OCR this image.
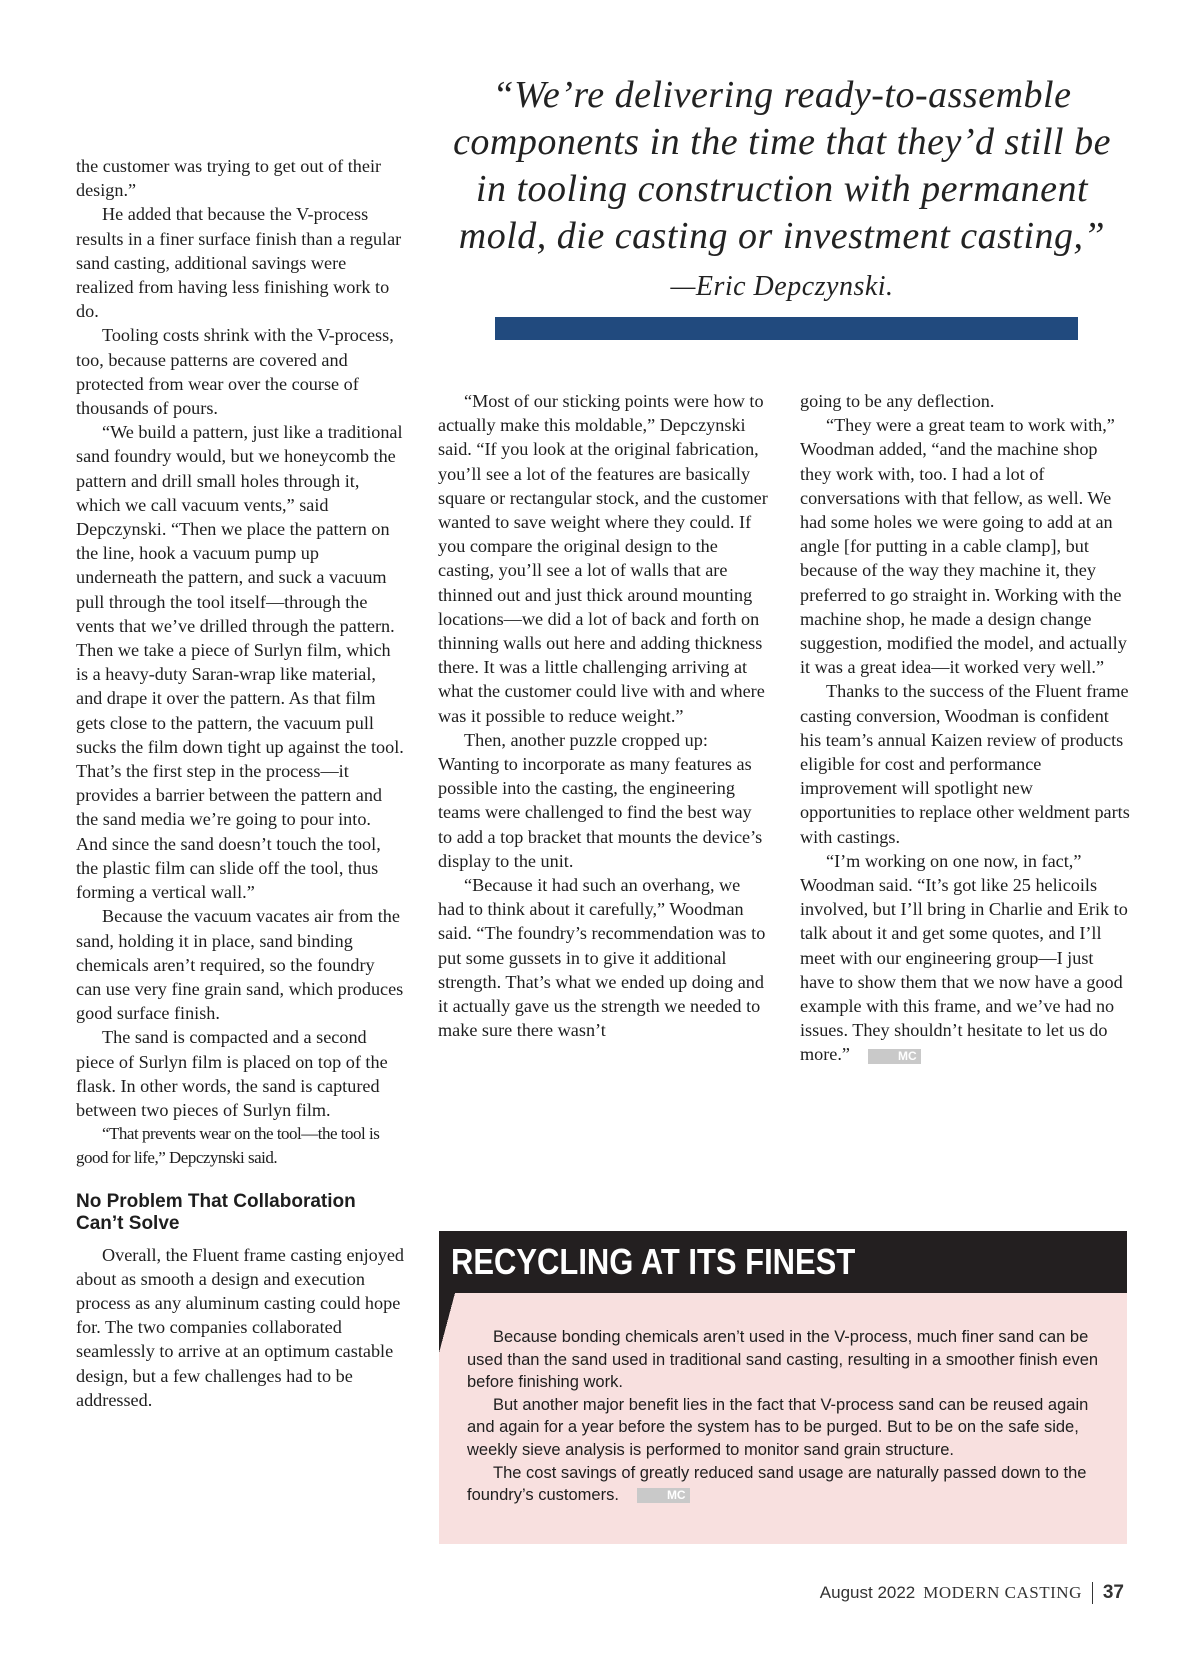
“We’re delivering ready-to-assemble components in the time that they’d still be in tooling construction with permanent mold, die casting or investment casting,” —Eric Depczynski.

the customer was trying to get out of their design.”

He added that because the V-process results in a finer surface finish than a regular sand casting, additional savings were realized from having less finishing work to do.

Tooling costs shrink with the V-process, too, because patterns are covered and protected from wear over the course of thousands of pours.

“We build a pattern, just like a traditional sand foundry would, but we honeycomb the pattern and drill small holes through it, which we call vacuum vents,” said Depczynski. “Then we place the pattern on the line, hook a vacuum pump up underneath the pattern, and suck a vacuum pull through the tool itself—through the vents that we’ve drilled through the pattern. Then we take a piece of Surlyn film, which is a heavy-duty Saran-wrap like material, and drape it over the pattern. As that film gets close to the pattern, the vacuum pull sucks the film down tight up against the tool. That’s the first step in the process—it provides a barrier between the pattern and the sand media we’re going to pour into. And since the sand doesn’t touch the tool, the plastic film can slide off the tool, thus forming a vertical wall.”

Because the vacuum vacates air from the sand, holding it in place, sand binding chemicals aren’t required, so the foundry can use very fine grain sand, which produces good surface finish.

The sand is compacted and a second piece of Surlyn film is placed on top of the flask. In other words, the sand is captured between two pieces of Surlyn film.

“That prevents wear on the tool—the tool is good for life,” Depczynski said.

No Problem That Collaboration Can’t Solve

Overall, the Fluent frame casting enjoyed about as smooth a design and execution process as any aluminum casting could hope for. The two companies collaborated seamlessly to arrive at an optimum castable design, but a few challenges had to be addressed.

“Most of our sticking points were how to actually make this moldable,” Depczynski said. “If you look at the original fabrication, you’ll see a lot of the features are basically square or rectangular stock, and the customer wanted to save weight where they could. If you compare the original design to the casting, you’ll see a lot of walls that are thinned out and just thick around mounting locations—we did a lot of back and forth on thinning walls out here and adding thickness there. It was a little challenging arriving at what the customer could live with and where was it possible to reduce weight.”

Then, another puzzle cropped up: Wanting to incorporate as many features as possible into the casting, the engineering teams were challenged to find the best way to add a top bracket that mounts the device’s display to the unit.

“Because it had such an overhang, we had to think about it carefully,” Woodman said. “The foundry’s recommendation was to put some gussets in to give it additional strength. That’s what we ended up doing and it actually gave us the strength we needed to make sure there wasn’t

going to be any deflection.

“They were a great team to work with,” Woodman added, “and the machine shop they work with, too. I had a lot of conversations with that fellow, as well. We had some holes we were going to add at an angle [for putting in a cable clamp], but because of the way they machine it, they preferred to go straight in. Working with the machine shop, he made a design change suggestion, modified the model, and actually it was a great idea—it worked very well.”

Thanks to the success of the Fluent frame casting conversion, Woodman is confident his team’s annual Kaizen review of products eligible for cost and performance improvement will spotlight new opportunities to replace other weldment parts with castings.

“I’m working on one now, in fact,” Woodman said. “It’s got like 25 helicoils involved, but I’ll bring in Charlie and Erik to talk about it and get some quotes, and I’ll meet with our engineering group—I just have to show them that we now have a good example with this frame, and we’ve had no issues. They shouldn’t hesitate to let us do more.”	MC

RECYCLING AT ITS FINEST

Because bonding chemicals aren’t used in the V-process, much finer sand can be used than the sand used in traditional sand casting, resulting in a smoother finish even before finishing work.

But another major benefit lies in the fact that V-process sand can be reused again and again for a year before the system has to be purged. But to be on the safe side, weekly sieve analysis is performed to monitor sand grain structure.

The cost savings of greatly reduced sand usage are naturally passed down to the foundry’s customers.	MC

August 2022 MODERN CASTING 37
